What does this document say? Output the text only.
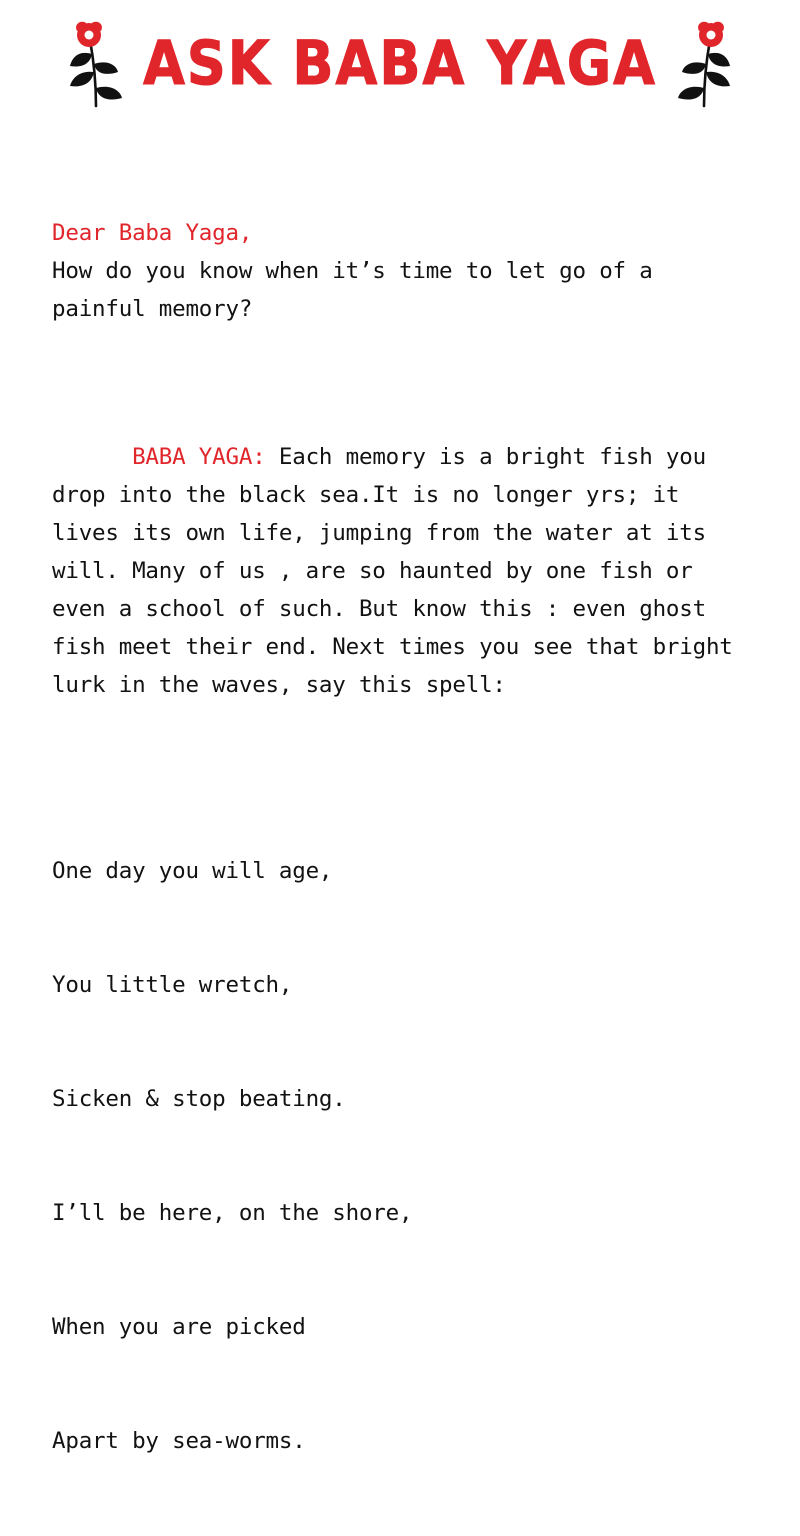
ASK BABA YAGA

Dear Baba Yaga,
How do you know when it’s time to let go of a painful memory?

BABA YAGA: Each memory is a bright fish you drop into the black sea.It is no longer yrs; it lives its own life, jumping from the water at its will. Many of us , are so haunted by one fish or even a school of such. But know this : even ghost fish meet their end. Next times you see that bright lurk in the waves, say this spell:

One day you will age,

You little wretch,

Sicken & stop beating.

I’ll be here, on the shore,

When you are picked

Apart by sea-worms.
